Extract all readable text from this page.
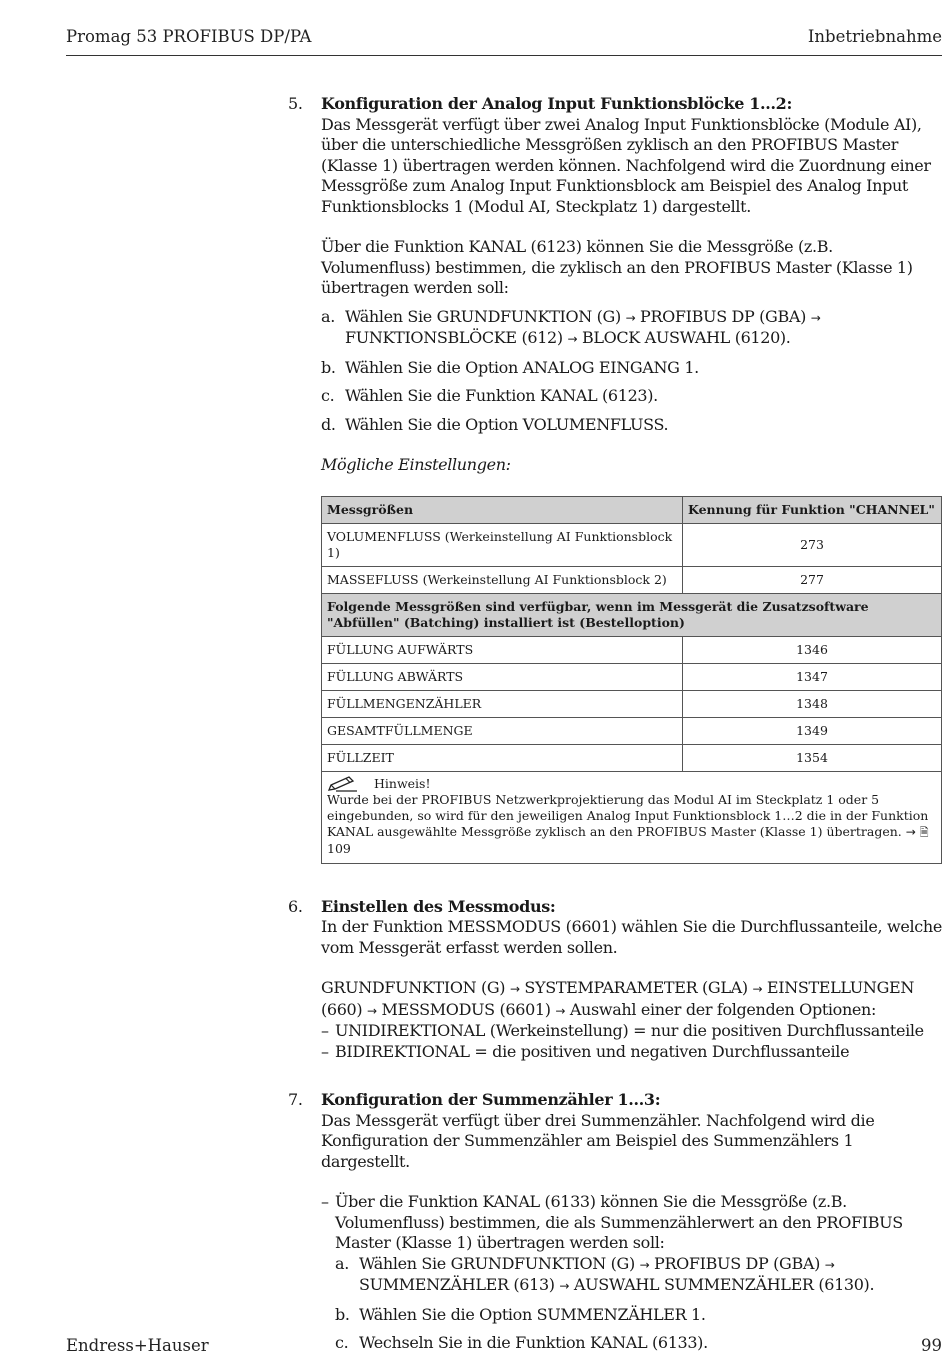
Promag 53 PROFIBUS DP/PA	Inbetriebnahme
5. Konfiguration der Analog Input Funktionsblöcke 1…2:

Das Messgerät verfügt über zwei Analog Input Funktionsblöcke (Module AI), über die unterschiedliche Messgrößen zyklisch an den PROFIBUS Master (Klasse 1) übertragen werden können. Nachfolgend wird die Zuordnung einer Messgröße zum Analog Input Funktionsblock am Beispiel des Analog Input Funktionsblocks 1 (Modul AI, Steckplatz 1) dargestellt.

Über die Funktion KANAL (6123) können Sie die Messgröße (z.B. Volumenfluss) bestimmen, die zyklisch an den PROFIBUS Master (Klasse 1) übertragen werden soll:

a. Wählen Sie GRUNDFUNKTION (G) → PROFIBUS DP (GBA) → FUNKTIONSBLÖCKE (612) → BLOCK AUSWAHL (6120).
b. Wählen Sie die Option ANALOG EINGANG 1.
c. Wählen Sie die Funktion KANAL (6123).
d. Wählen Sie die Option VOLUMENFLUSS.

Mögliche Einstellungen:

Messgrößen	Kennung für Funktion "CHANNEL"
VOLUMENFLUSS (Werkeinstellung AI Funktionsblock 1)	273
MASSEFLUSS (Werkeinstellung AI Funktionsblock 2)	277
Folgende Messgrößen sind verfügbar, wenn im Messgerät die Zusatzsoftware "Abfüllen" (Batching) installiert ist (Bestelloption)	
FÜLLUNG AUFWÄRTS	1346
FÜLLUNG ABWÄRTS	1347
FÜLLMENGENZÄHLER	1348
GESAMTFÜLLMENGE	1349
FÜLLZEIT	1354

Hinweis!
Wurde bei der PROFIBUS Netzwerkprojektierung das Modul AI im Steckplatz 1 oder 5 eingebunden, so wird für den jeweiligen Analog Input Funktionsblock 1…2 die in der Funktion KANAL ausgewählte Messgröße zyklisch an den PROFIBUS Master (Klasse 1) übertragen. → 🗎 109	
6. Einstellen des Messmodus:

In der Funktion MESSMODUS (6601) wählen Sie die Durchflussanteile, welche vom Messgerät erfasst werden sollen.

GRUNDFUNKTION (G) → SYSTEMPARAMETER (GLA) → EINSTELLUNGEN (660) → MESSMODUS (6601) → Auswahl einer der folgenden Optionen:

– UNIDIREKTIONAL (Werkeinstellung) = nur die positiven Durchflussanteile
– BIDIREKTIONAL = die positiven und negativen Durchflussanteile
7. Konfiguration der Summenzähler 1…3:

Das Messgerät verfügt über drei Summenzähler. Nachfolgend wird die Konfiguration der Summenzähler am Beispiel des Summenzählers 1 dargestellt.

– Über die Funktion KANAL (6133) können Sie die Messgröße (z.B. Volumenfluss) bestimmen, die als Summenzählerwert an den PROFIBUS Master (Klasse 1) übertragen werden soll:
a. Wählen Sie GRUNDFUNKTION (G) → PROFIBUS DP (GBA) → SUMMENZÄHLER (613) → AUSWAHL SUMMENZÄHLER (6130).
b. Wählen Sie die Option SUMMENZÄHLER 1.
c. Wechseln Sie in die Funktion KANAL (6133).
Endress+Hauser	99
